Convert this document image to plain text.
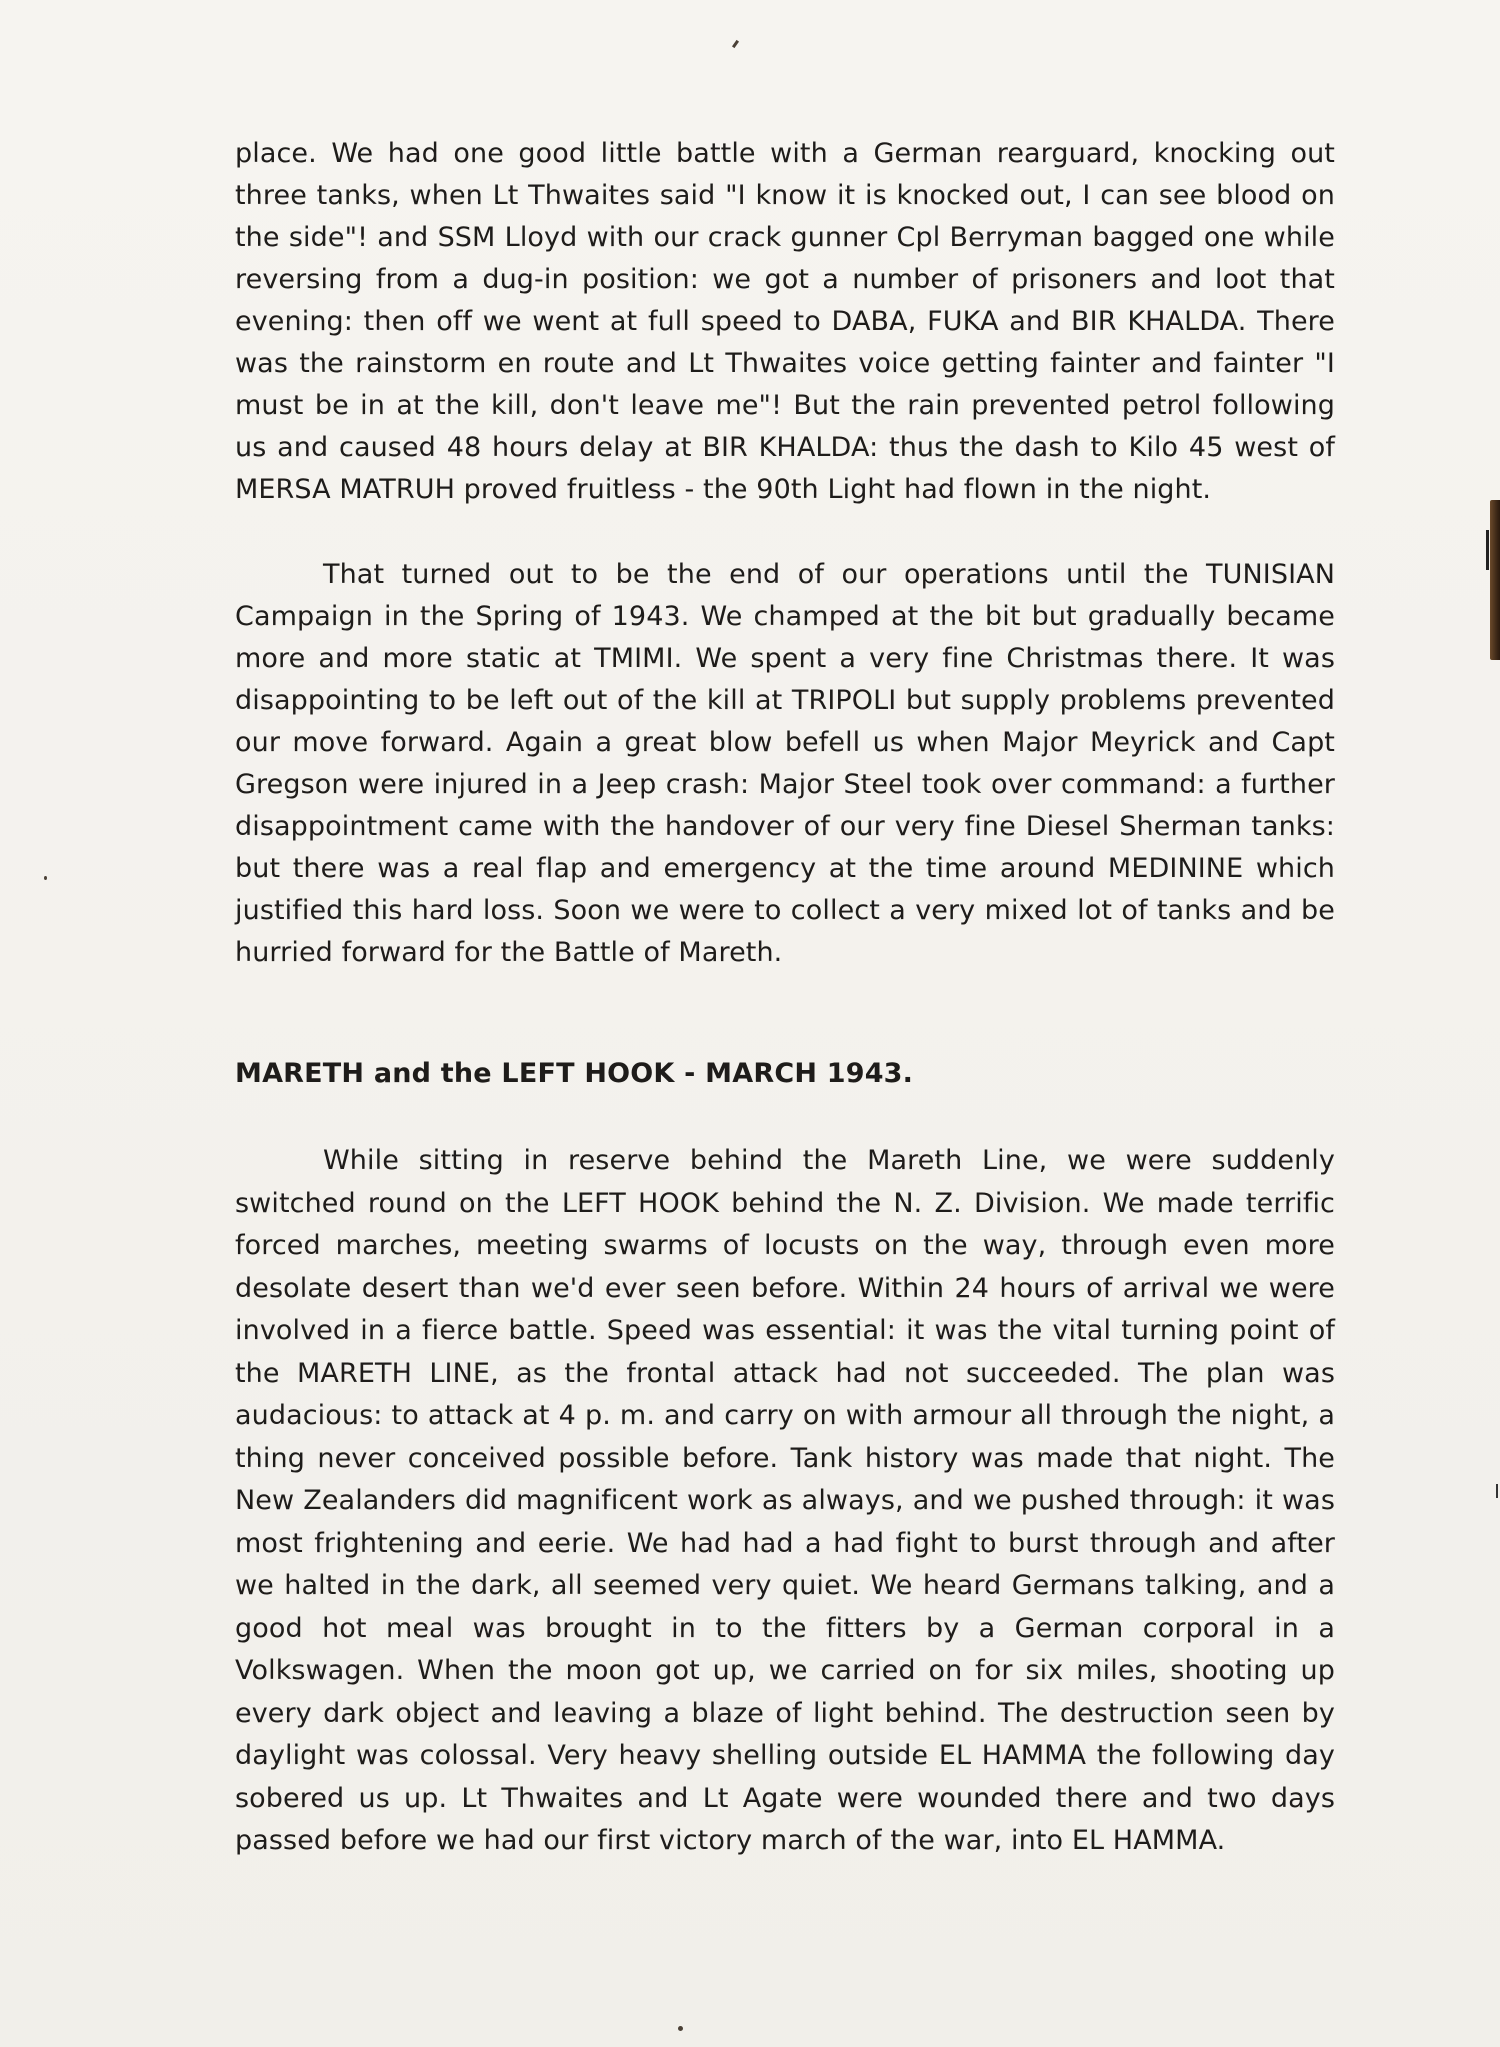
place. We had one good little battle with a German rearguard, knocking out three tanks, when Lt Thwaites said "I know it is knocked out, I can see blood on the side"! and SSM Lloyd with our crack gunner Cpl Berryman bagged one while reversing from a dug-in position: we got a number of prisoners and loot that evening: then off we went at full speed to DABA, FUKA and BIR KHALDA. There was the rainstorm en route and Lt Thwaites voice getting fainter and fainter "I must be in at the kill, don't leave me"! But the rain prevented petrol following us and caused 48 hours delay at BIR KHALDA: thus the dash to Kilo 45 west of MERSA MATRUH proved fruitless - the 90th Light had flown in the night.

That turned out to be the end of our operations until the TUNISIAN Campaign in the Spring of 1943. We champed at the bit but gradually became more and more static at TMIMI. We spent a very fine Christmas there. It was disappointing to be left out of the kill at TRIPOLI but supply problems prevented our move forward. Again a great blow befell us when Major Meyrick and Capt Gregson were injured in a Jeep crash: Major Steel took over command: a further disappointment came with the handover of our very fine Diesel Sherman tanks: but there was a real flap and emergency at the time around MEDININE which justified this hard loss. Soon we were to collect a very mixed lot of tanks and be hurried forward for the Battle of Mareth.

MARETH and the LEFT HOOK - MARCH 1943.

While sitting in reserve behind the Mareth Line, we were suddenly switched round on the LEFT HOOK behind the N. Z. Division. We made terrific forced marches, meeting swarms of locusts on the way, through even more desolate desert than we'd ever seen before. Within 24 hours of arrival we were involved in a fierce battle. Speed was essential: it was the vital turning point of the MARETH LINE, as the frontal attack had not succeeded. The plan was audacious: to attack at 4 p. m. and carry on with armour all through the night, a thing never conceived possible before. Tank history was made that night. The New Zealanders did magnificent work as always, and we pushed through: it was most frightening and eerie. We had had a had fight to burst through and after we halted in the dark, all seemed very quiet. We heard Germans talking, and a good hot meal was brought in to the fitters by a German corporal in a Volkswagen. When the moon got up, we carried on for six miles, shooting up every dark object and leaving a blaze of light behind. The destruction seen by daylight was colossal. Very heavy shelling outside EL HAMMA the following day sobered us up. Lt Thwaites and Lt Agate were wounded there and two days passed before we had our first victory march of the war, into EL HAMMA.
